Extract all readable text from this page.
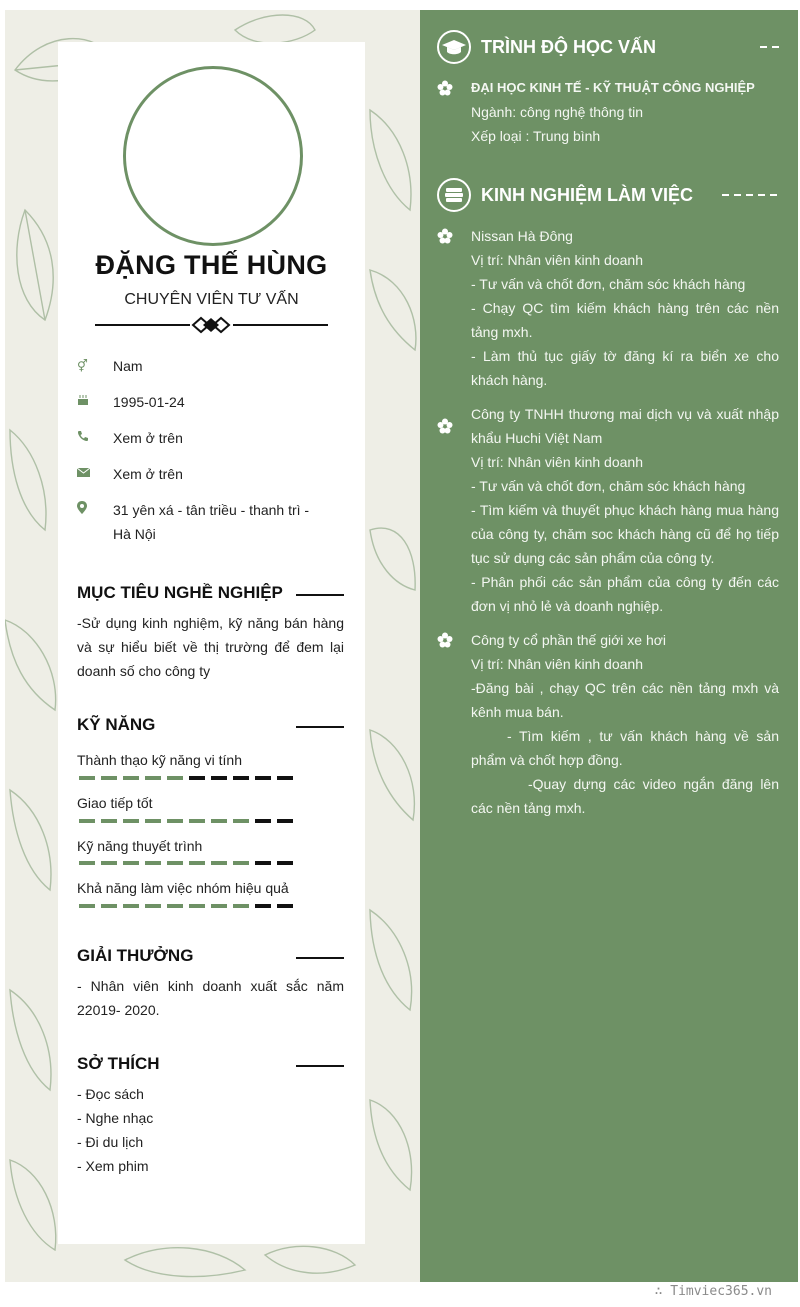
ĐẶNG THẾ HÙNG
CHUYÊN VIÊN TƯ VẤN
⚥ Nam
1995-01-24
Xem ở trên
Xem ở trên
31 yên xá - tân triều - thanh trì - Hà Nội
MỤC TIÊU NGHỀ NGHIỆP
-Sử dụng kinh nghiệm, kỹ năng bán hàng và sự hiểu biết về thị trường để đem lại doanh số cho công ty
KỸ NĂNG
Thành thạo kỹ năng vi tính
Giao tiếp tốt
Kỹ năng thuyết trình
Khả năng làm việc nhóm hiệu quả
GIẢI THƯỞNG
- Nhân viên kinh doanh xuất sắc năm 22019- 2020.
SỞ THÍCH
- Đọc sách
- Nghe nhạc
- Đi du lịch
- Xem phim
TRÌNH ĐỘ HỌC VẤN
ĐẠI HỌC KINH TẾ - KỸ THUẬT CÔNG NGHIỆP
Ngành: công nghệ thông tin
Xếp loại : Trung bình
KINH NGHIỆM LÀM VIỆC
Nissan Hà Đông
Vị trí: Nhân viên kinh doanh
- Tư vấn và chốt đơn, chăm sóc khách hàng
- Chạy QC tìm kiếm khách hàng trên các nền tảng mxh.
- Làm thủ tục giấy tờ đăng kí ra biển xe cho khách hàng.
Công ty TNHH thương mai dịch vụ và xuất nhập khẩu Huchi Việt Nam
Vị trí: Nhân viên kinh doanh
- Tư vấn và chốt đơn, chăm sóc khách hàng
- Tìm kiếm và thuyết phục khách hàng mua hàng của công ty, chăm soc khách hàng cũ để họ tiếp tục sử dụng các sản phẩm của công ty.
- Phân phối các sản phẩm của công ty đến các đơn vị nhỏ lẻ và doanh nghiệp.
Công ty cổ phần thế giới xe hơi
Vị trí: Nhân viên kinh doanh
-Đăng bài , chạy QC trên các nền tảng mxh và kênh mua bán.
- Tìm kiếm , tư vấn khách hàng về sản phẩm và chốt hợp đồng.
-Quay dựng các video ngắn đăng lên các nền tảng mxh.
∴ Timviec365.vn
